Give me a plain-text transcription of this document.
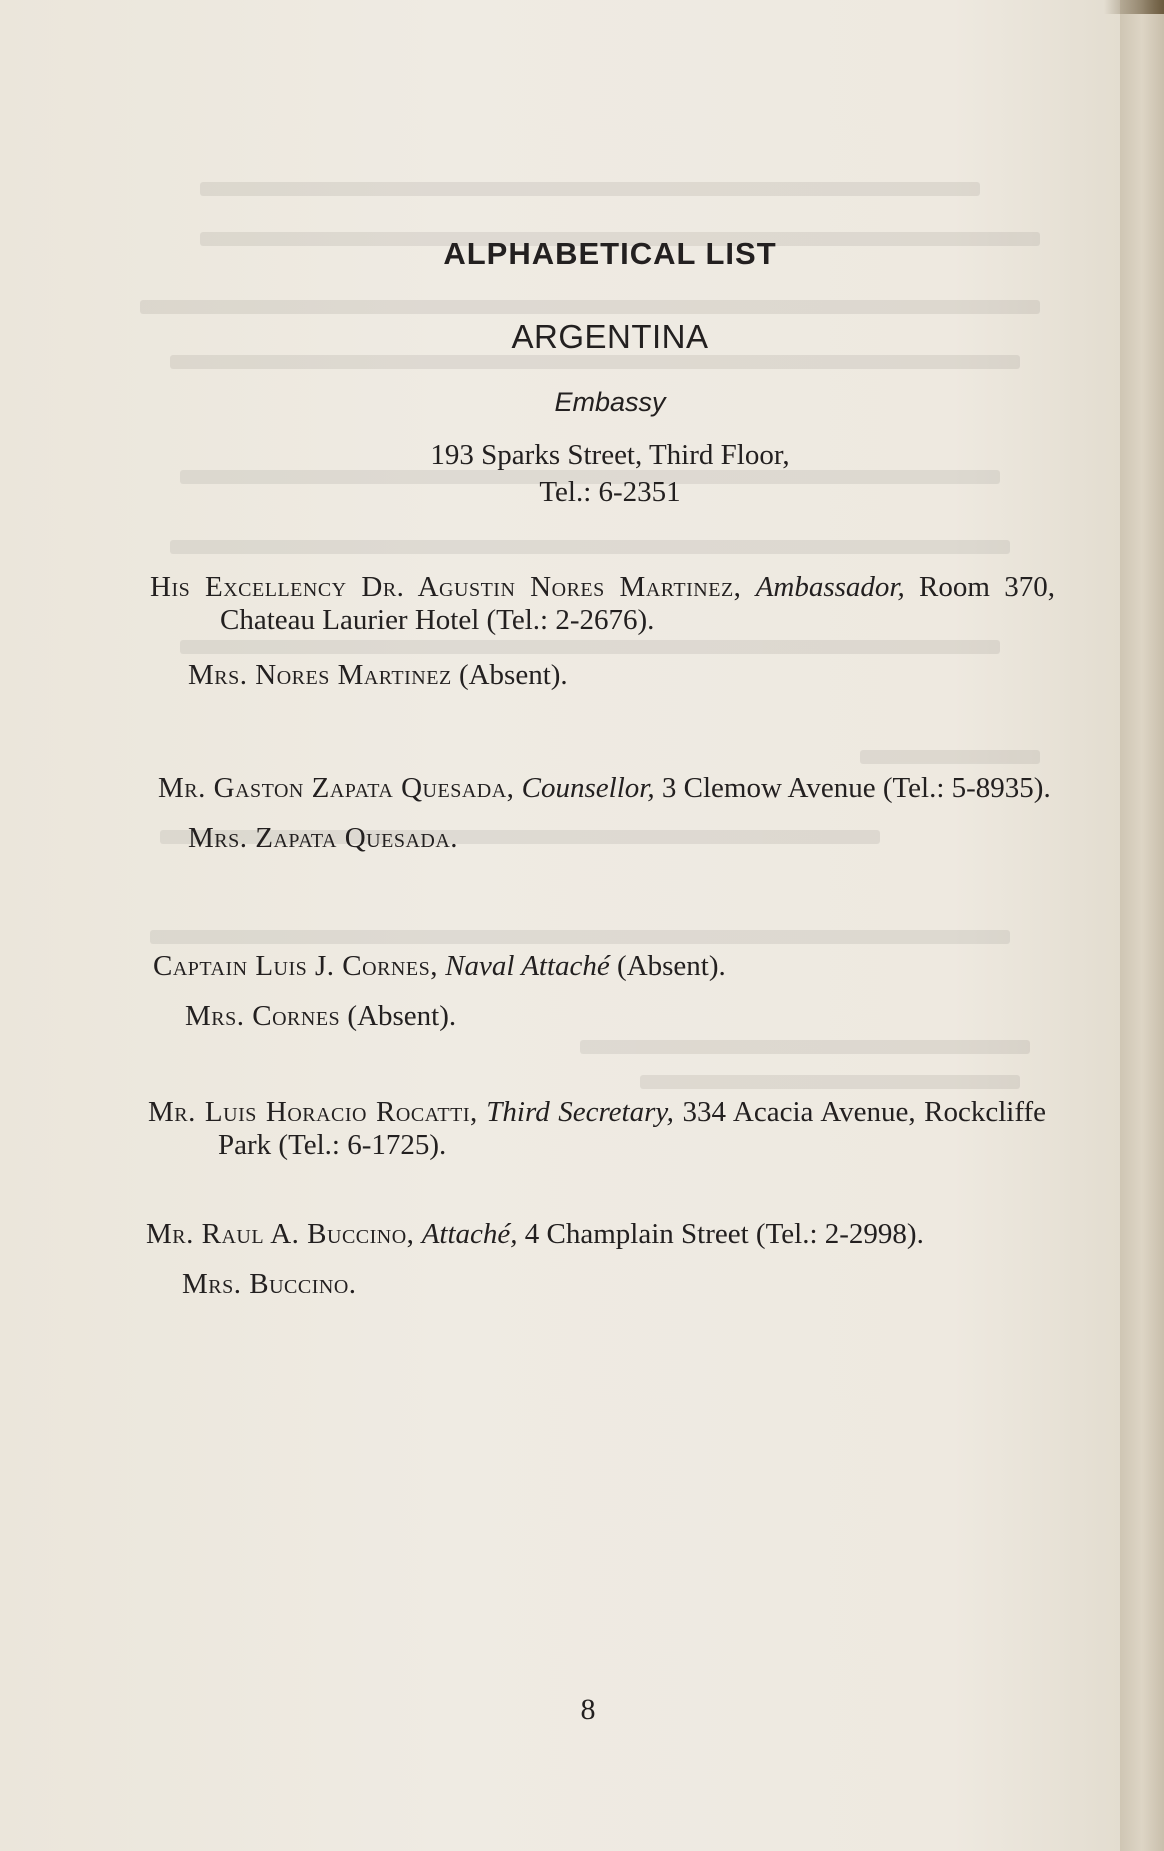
ALPHABETICAL LIST
ARGENTINA
Embassy
193 Sparks Street, Third Floor,
Tel.: 6-2351
His Excellency Dr. Agustin Nores Martinez, Ambassador, Room 370, Chateau Laurier Hotel (Tel.: 2-2676).
Mrs. Nores Martinez (Absent).
Mr. Gaston Zapata Quesada, Counsellor, 3 Clemow Avenue (Tel.: 5-8935).
Mrs. Zapata Quesada.
Captain Luis J. Cornes, Naval Attaché (Absent).
Mrs. Cornes (Absent).
Mr. Luis Horacio Rocatti, Third Secretary, 334 Acacia Avenue, Rockcliffe Park (Tel.: 6-1725).
Mr. Raul A. Buccino, Attaché, 4 Champlain Street (Tel.: 2-2998).
Mrs. Buccino.
8
